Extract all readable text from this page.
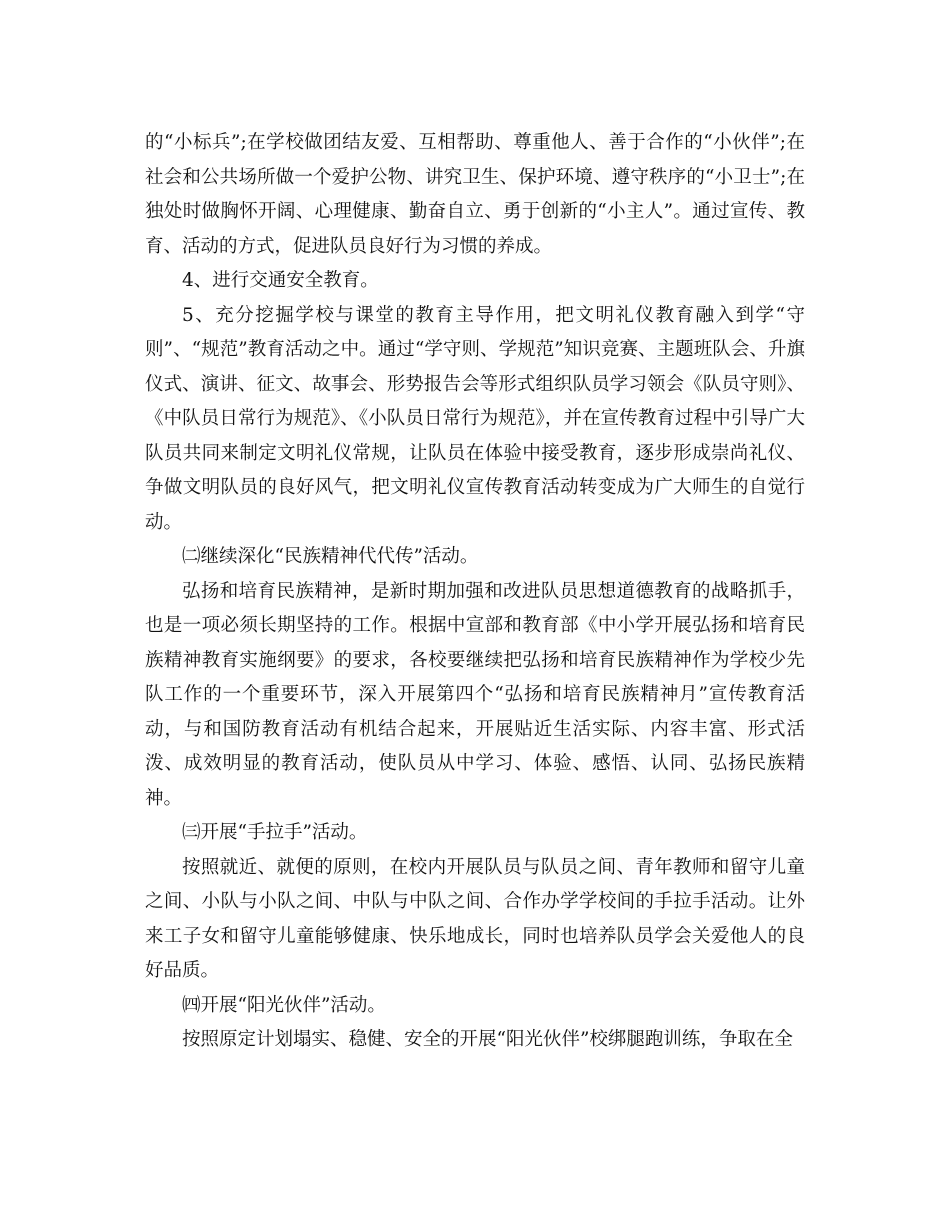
的“小标兵”;在学校做团结友爱、互相帮助、尊重他人、善于合作的“小伙伴”;在社会和公共场所做一个爱护公物、讲究卫生、保护环境、遵守秩序的“小卫士”;在独处时做胸怀开阔、心理健康、勤奋自立、勇于创新的“小主人”。通过宣传、教育、活动的方式，促进队员良好行为习惯的养成。

4、进行交通安全教育。

5、充分挖掘学校与课堂的教育主导作用，把文明礼仪教育融入到学“守则”、“规范”教育活动之中。通过“学守则、学规范”知识竞赛、主题班队会、升旗仪式、演讲、征文、故事会、形势报告会等形式组织队员学习领会《队员守则》、《中队员日常行为规范》、《小队员日常行为规范》，并在宣传教育过程中引导广大队员共同来制定文明礼仪常规，让队员在体验中接受教育，逐步形成崇尚礼仪、争做文明队员的良好风气，把文明礼仪宣传教育活动转变成为广大师生的自觉行动。

㈡继续深化“民族精神代代传”活动。

弘扬和培育民族精神，是新时期加强和改进队员思想道德教育的战略抓手，也是一项必须长期坚持的工作。根据中宣部和教育部《中小学开展弘扬和培育民族精神教育实施纲要》的要求，各校要继续把弘扬和培育民族精神作为学校少先队工作的一个重要环节，深入开展第四个“弘扬和培育民族精神月”宣传教育活动，与和国防教育活动有机结合起来，开展贴近生活实际、内容丰富、形式活泼、成效明显的教育活动，使队员从中学习、体验、感悟、认同、弘扬民族精神。

㈢开展“手拉手”活动。

按照就近、就便的原则，在校内开展队员与队员之间、青年教师和留守儿童之间、小队与小队之间、中队与中队之间、合作办学学校间的手拉手活动。让外来工子女和留守儿童能够健康、快乐地成长，同时也培养队员学会关爱他人的良好品质。

㈣开展“阳光伙伴”活动。

按照原定计划塌实、稳健、安全的开展“阳光伙伴”校绑腿跑训练，争取在全
